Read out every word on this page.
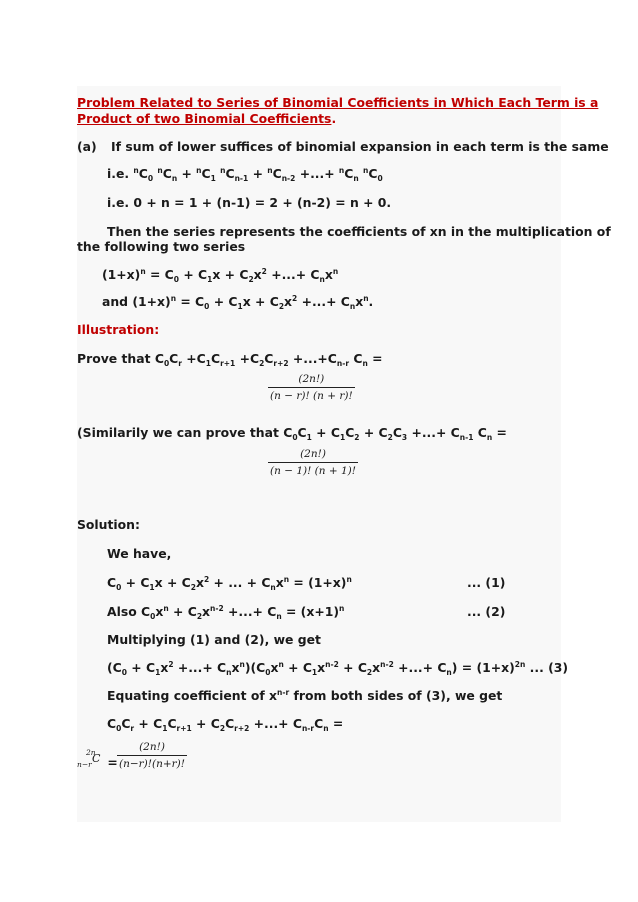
Problem Related to Series of Binomial Coefficients in Which Each Term is a
Product of two Binomial Coefficients.
(a) If sum of lower suffices of binomial expansion in each term is the same
i.e. $^nC_0$ $^nC_n + ^nC_1$ $^nC_{n-1} + ^nC_{n-2}$ +...+ $^nC_n$ $^nC_0$
i.e. 0 + n = 1 + (n-1) = 2 + (n-2) = n + 0.
Then the series represents the coefficients of xn in the multiplication of
the following two series
$(1+x)^n = C_0 + C_1x + C_2x^2$ +...+ $C_nx^n$
and $(1+x)^n = C_0 + C_1x + C_2x^2$ +...+ $C_nx^n$.
Illustration:
Prove that $C_0C_r +C_1C_{r+1} +C_2C_{r+2} +...+C_{n-r}$ $C_n$ =
(2n!)
(n − r)! (n + r)!
(Similarily we can prove that $C_0C_1 + C_1C_2 + C_2C_3$ +...+ $C_{n-1}$ $C_n$ =
(2n!)
(n − 1)! (n + 1)!
Solution:
We have,
$C_0 + C_1x + C_2x^2$ + ... + $C_nx^n = (1+x)^n$	... (1)
Also $C_0x^n + C_2x^{n-2}$ +...+ $C_n = (x+1)^n$	... (2)
Multiplying (1) and (2), we get
($C_0 + C_1x^2$ +...+ $C_nx^n)(C_0x^n + C_1x^{n-2} + C_2x^{n-2}$ +...+ $C_n) = (1+x)^{2n}$ ... (3)
Equating coefficient of $x^{n-r}$ from both sides of (3), we get
$C_0C_r + C_1C_{r+1} + C_2C_{r+2}$ +...+ $C_{n-r}C_n$ =
2n
n−r C =
(2n!)
(n−r)!(n+r)!
